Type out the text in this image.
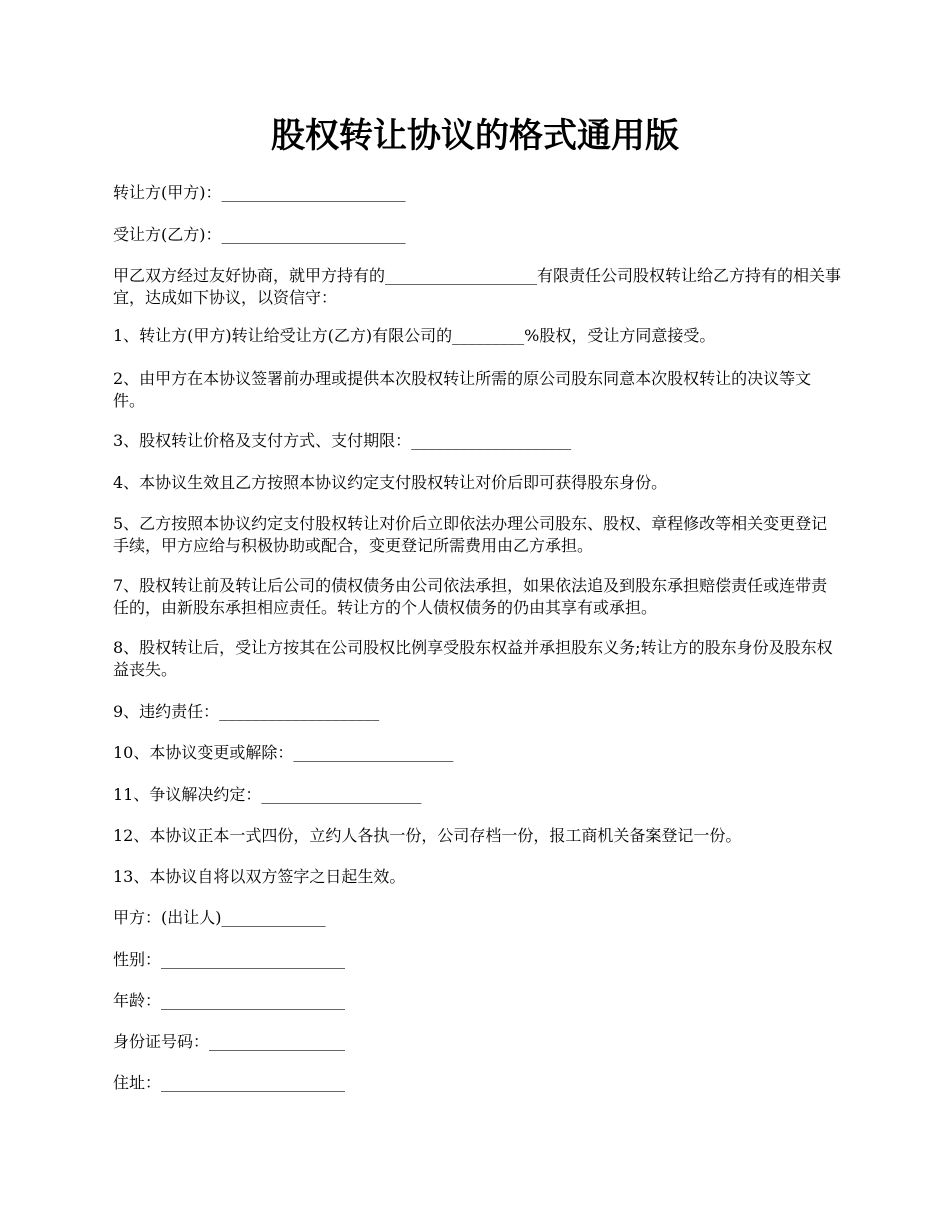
股权转让协议的格式通用版

转让方(甲方)：_______________________

受让方(乙方)：_______________________

甲乙双方经过友好协商，就甲方持有的___________________有限责任公司股权转让给乙方持有的相关事宜，达成如下协议，以资信守：

1、转让方(甲方)转让给受让方(乙方)有限公司的_________%股权，受让方同意接受。

2、由甲方在本协议签署前办理或提供本次股权转让所需的原公司股东同意本次股权转让的决议等文件。

3、股权转让价格及支付方式、支付期限：____________________

4、本协议生效且乙方按照本协议约定支付股权转让对价后即可获得股东身份。

5、乙方按照本协议约定支付股权转让对价后立即依法办理公司股东、股权、章程修改等相关变更登记手续，甲方应给与积极协助或配合，变更登记所需费用由乙方承担。

7、股权转让前及转让后公司的债权债务由公司依法承担，如果依法追及到股东承担赔偿责任或连带责任的，由新股东承担相应责任。转让方的个人债权债务的仍由其享有或承担。

8、股权转让后，受让方按其在公司股权比例享受股东权益并承担股东义务;转让方的股东身份及股东权益丧失。

9、违约责任：____________________

10、本协议变更或解除：____________________

11、争议解决约定：____________________

12、本协议正本一式四份，立约人各执一份，公司存档一份，报工商机关备案登记一份。

13、本协议自将以双方签字之日起生效。

甲方：(出让人)_____________

性别：_______________________

年龄：_______________________

身份证号码：_________________

住址：_______________________
